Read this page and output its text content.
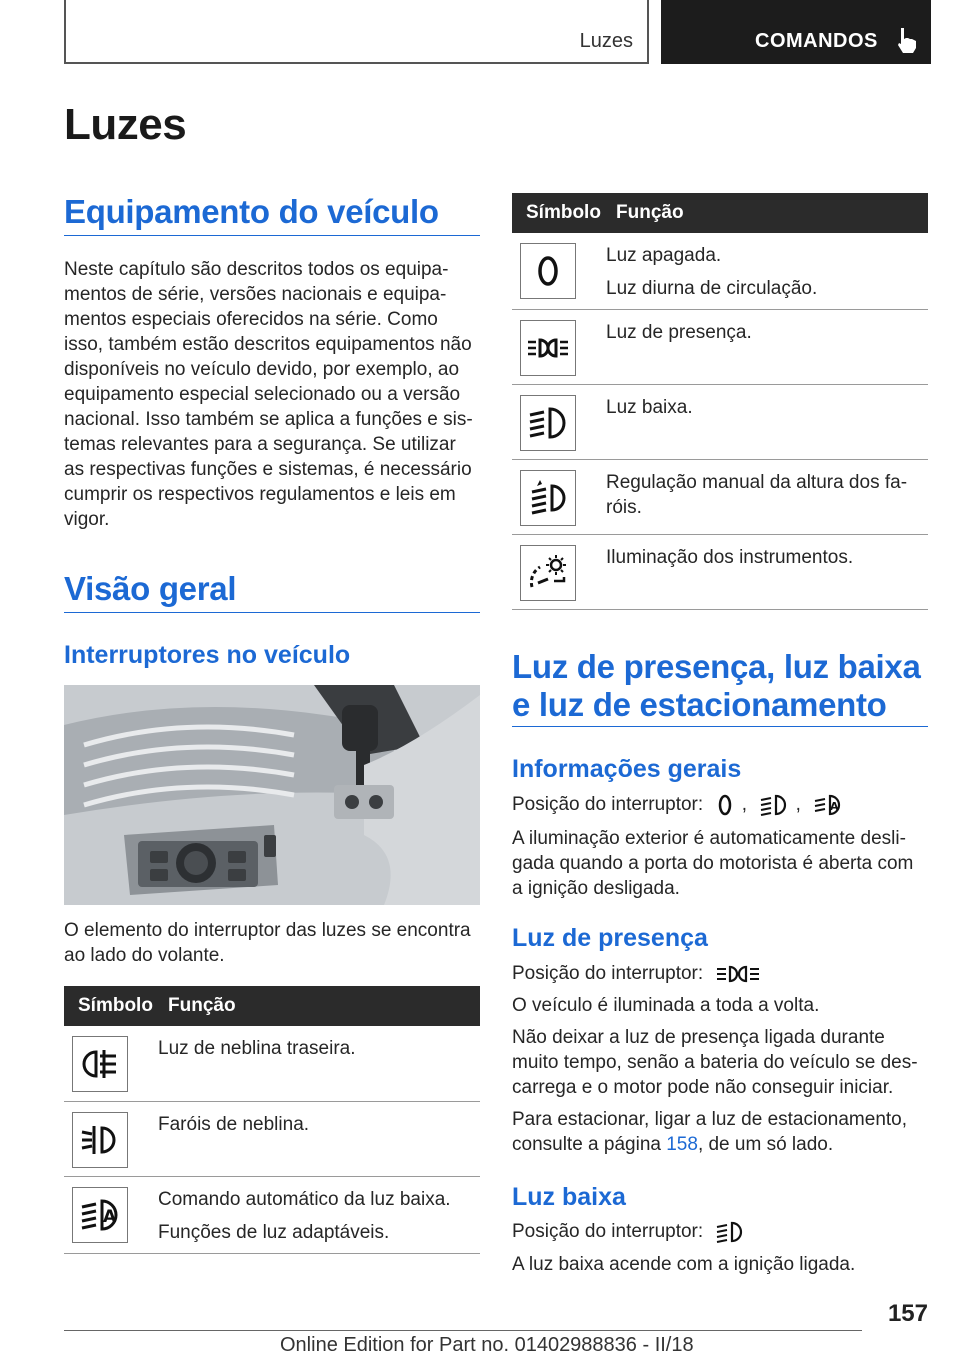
Luzes	COMANDOS
Luzes
Equipamento do veículo
Neste capítulo são descritos todos os equipa-mentos de série, versões nacionais e equipa-mentos especiais oferecidos na série. Como isso, também estão descritos equipamentos não disponíveis no veículo devido, por exemplo, ao equipamento especial selecionado ou a versão nacional. Isso também se aplica a funções e sis-temas relevantes para a segurança. Se utilizar as respectivas funções e sistemas, é necessário cumprir os respectivos regulamentos e leis em vigor.
Visão geral
Interruptores no veículo
O elemento do interruptor das luzes se encontra ao lado do volante.
Símbolo	Função

Luz de neblina traseira.

Faróis de neblina.

A	Comando automático da luz baixa.
Funções de luz adaptáveis.
Símbolo	Função

Luz apagada.
Luz diurna de circulação.

Luz de presença.

Luz baixa.

Regulação manual da altura dos fa-róis.

Iluminação dos instrumentos.
Luz de presença, luz baixa
e luz de estacionamento
Informações gerais
Posição do interruptor: ,	,	A
A iluminação exterior é automaticamente desli-gada quando a porta do motorista é aberta com a ignição desligada.
Luz de presença
Posição do interruptor:
O veículo é iluminada a toda a volta.
Não deixar a luz de presença ligada durante muito tempo, senão a bateria do veículo se des-carrega e o motor pode não conseguir iniciar.
Para estacionar, ligar a luz de estacionamento, consulte a página 158, de um só lado.
Luz baixa
Posição do interruptor:
A luz baixa acende com a ignição ligada.
157
Online Edition for Part no. 01402988836 - II/18
